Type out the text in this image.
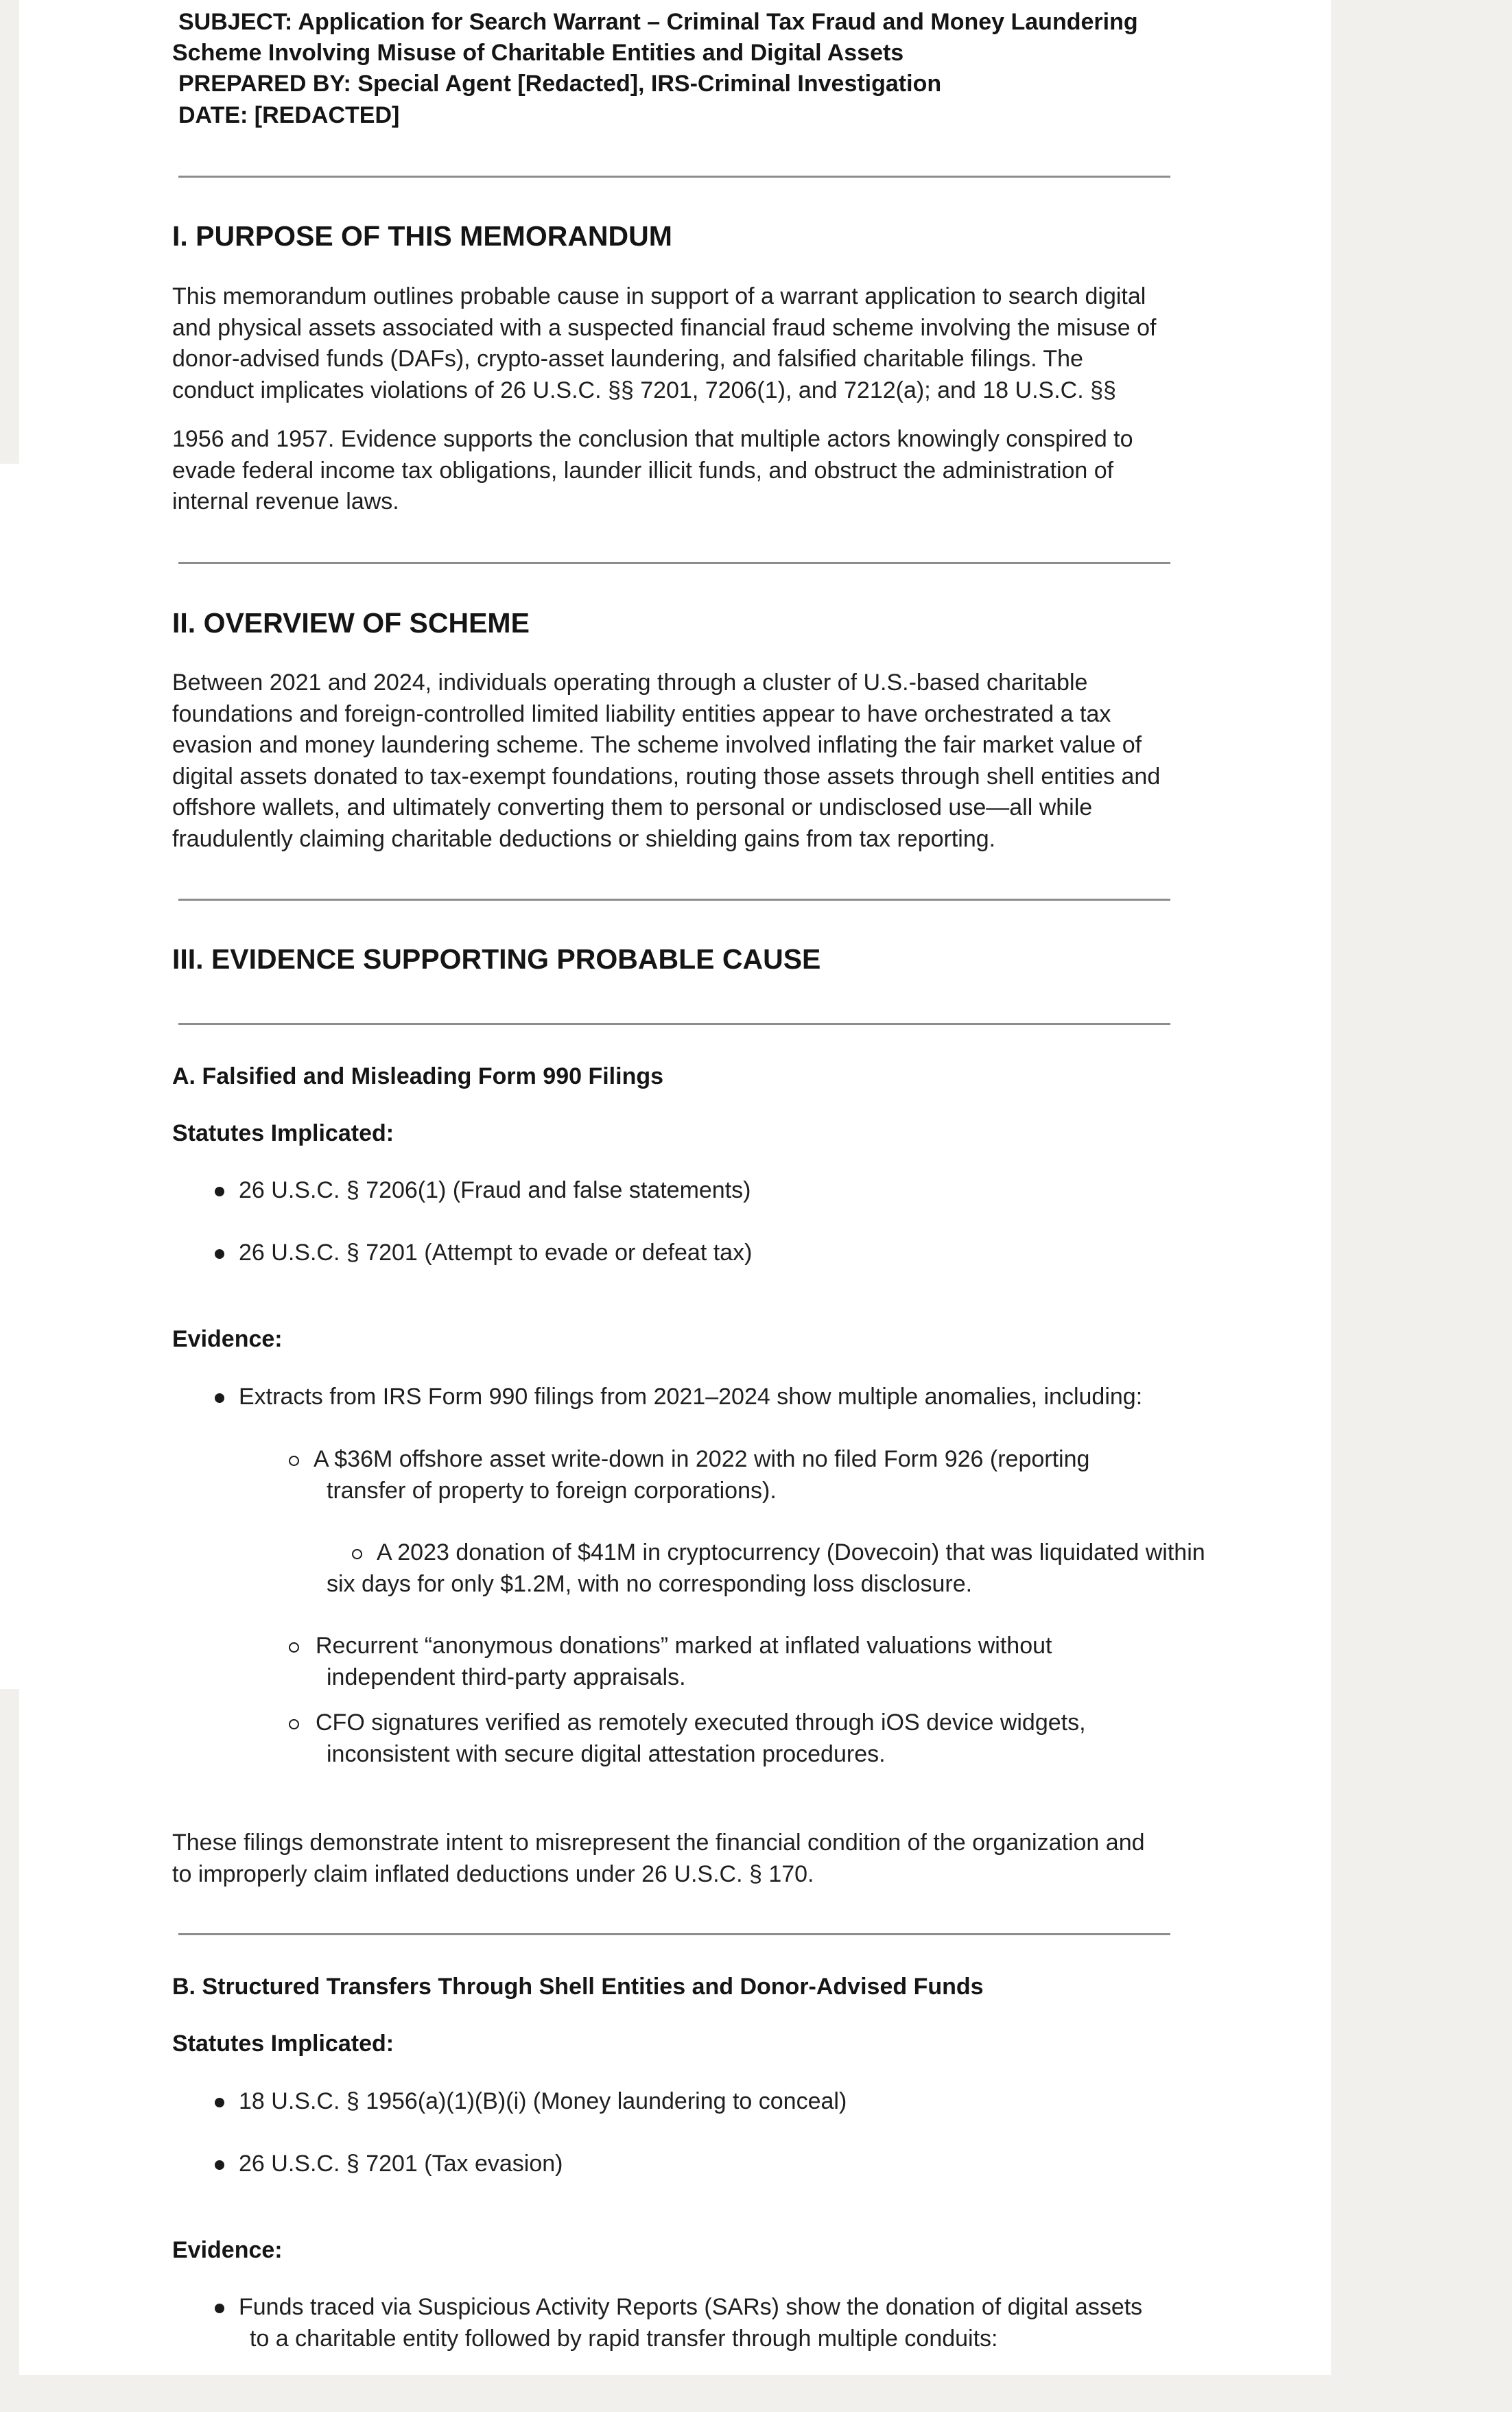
SUBJECT: Application for Search Warrant – Criminal Tax Fraud and Money Laundering

Scheme Involving Misuse of Charitable Entities and Digital Assets

PREPARED BY: Special Agent [Redacted], IRS-Criminal Investigation

DATE: [REDACTED]

I. PURPOSE OF THIS MEMORANDUM

This memorandum outlines probable cause in support of a warrant application to search digital

and physical assets associated with a suspected financial fraud scheme involving the misuse of

donor-advised funds (DAFs), crypto-asset laundering, and falsified charitable filings. The

conduct implicates violations of 26 U.S.C. §§ 7201, 7206(1), and 7212(a); and 18 U.S.C. §§

1956 and 1957. Evidence supports the conclusion that multiple actors knowingly conspired to

evade federal income tax obligations, launder illicit funds, and obstruct the administration of

internal revenue laws.

II. OVERVIEW OF SCHEME

Between 2021 and 2024, individuals operating through a cluster of U.S.-based charitable

foundations and foreign-controlled limited liability entities appear to have orchestrated a tax

evasion and money laundering scheme. The scheme involved inflating the fair market value of

digital assets donated to tax-exempt foundations, routing those assets through shell entities and

offshore wallets, and ultimately converting them to personal or undisclosed use—all while

fraudulently claiming charitable deductions or shielding gains from tax reporting.

III. EVIDENCE SUPPORTING PROBABLE CAUSE

A. Falsified and Misleading Form 990 Filings

Statutes Implicated:

26 U.S.C. § 7206(1) (Fraud and false statements)

26 U.S.C. § 7201 (Attempt to evade or defeat tax)

Evidence:

Extracts from IRS Form 990 filings from 2021–2024 show multiple anomalies, including:

A $36M offshore asset write-down in 2022 with no filed Form 926 (reporting

transfer of property to foreign corporations).

A 2023 donation of $41M in cryptocurrency (Dovecoin) that was liquidated within

six days for only $1.2M, with no corresponding loss disclosure.

Recurrent “anonymous donations” marked at inflated valuations without

independent third-party appraisals.

CFO signatures verified as remotely executed through iOS device widgets,

inconsistent with secure digital attestation procedures.

These filings demonstrate intent to misrepresent the financial condition of the organization and

to improperly claim inflated deductions under 26 U.S.C. § 170.

B. Structured Transfers Through Shell Entities and Donor-Advised Funds

Statutes Implicated:

18 U.S.C. § 1956(a)(1)(B)(i) (Money laundering to conceal)

26 U.S.C. § 7201 (Tax evasion)

Evidence:

Funds traced via Suspicious Activity Reports (SARs) show the donation of digital assets

to a charitable entity followed by rapid transfer through multiple conduits:
